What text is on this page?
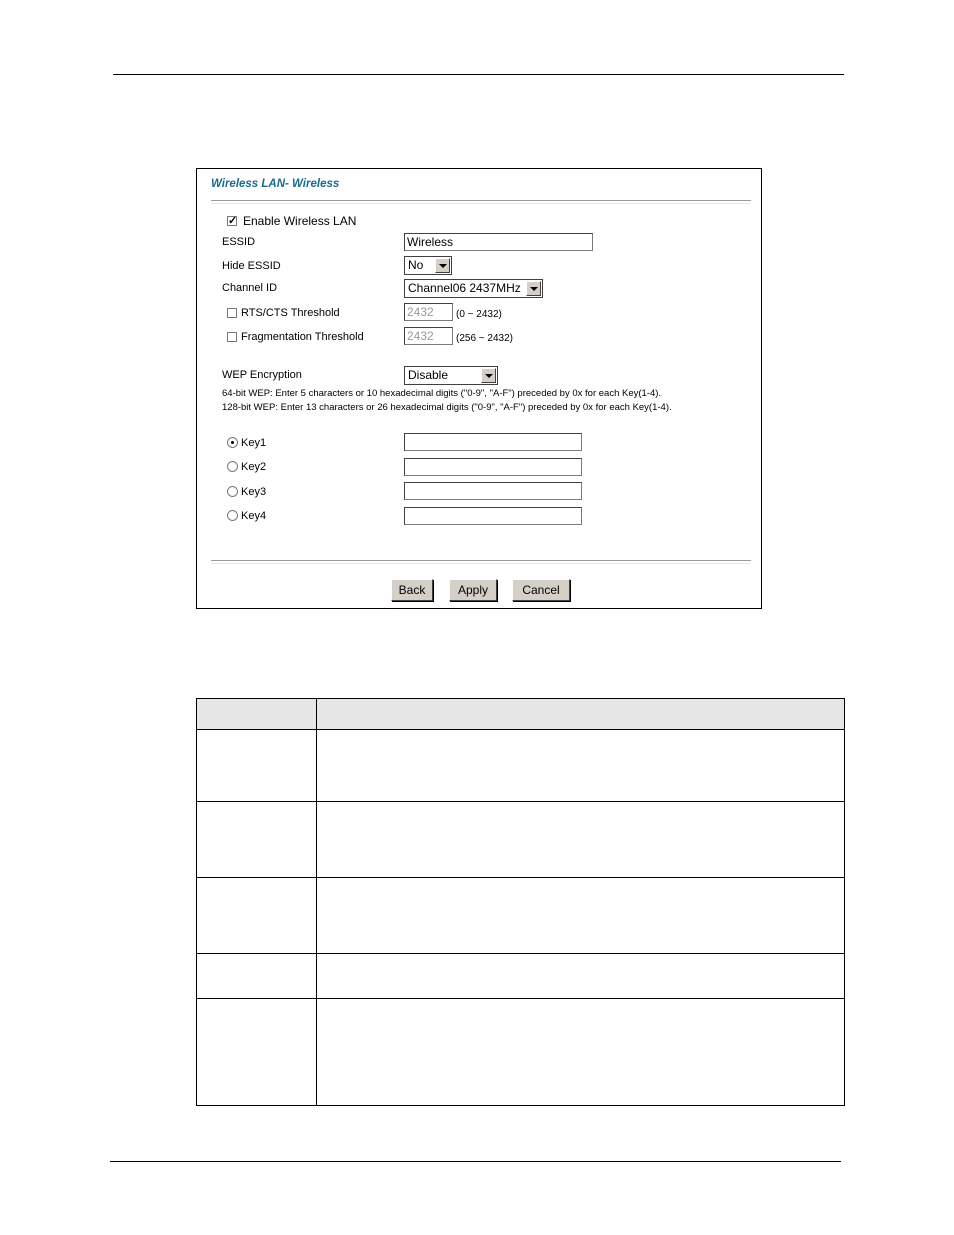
Wireless LAN- Wireless
✓
Enable Wireless LAN
ESSID	Wireless
Hide ESSID	No
Channel ID	Channel06 2437MHz
RTS/CTS Threshold	2432	(0 ~ 2432)
Fragmentation Threshold	2432	(256 ~ 2432)
WEP Encryption	Disable
64-bit WEP: Enter 5 characters or 10 hexadecimal digits ("0-9", "A-F") preceded by 0x for each Key(1-4).
128-bit WEP: Enter 13 characters or 26 hexadecimal digits ("0-9", "A-F") preceded by 0x for each Key(1-4).
Key1
Key2
Key3
Key4
Back	Apply	Cancel
